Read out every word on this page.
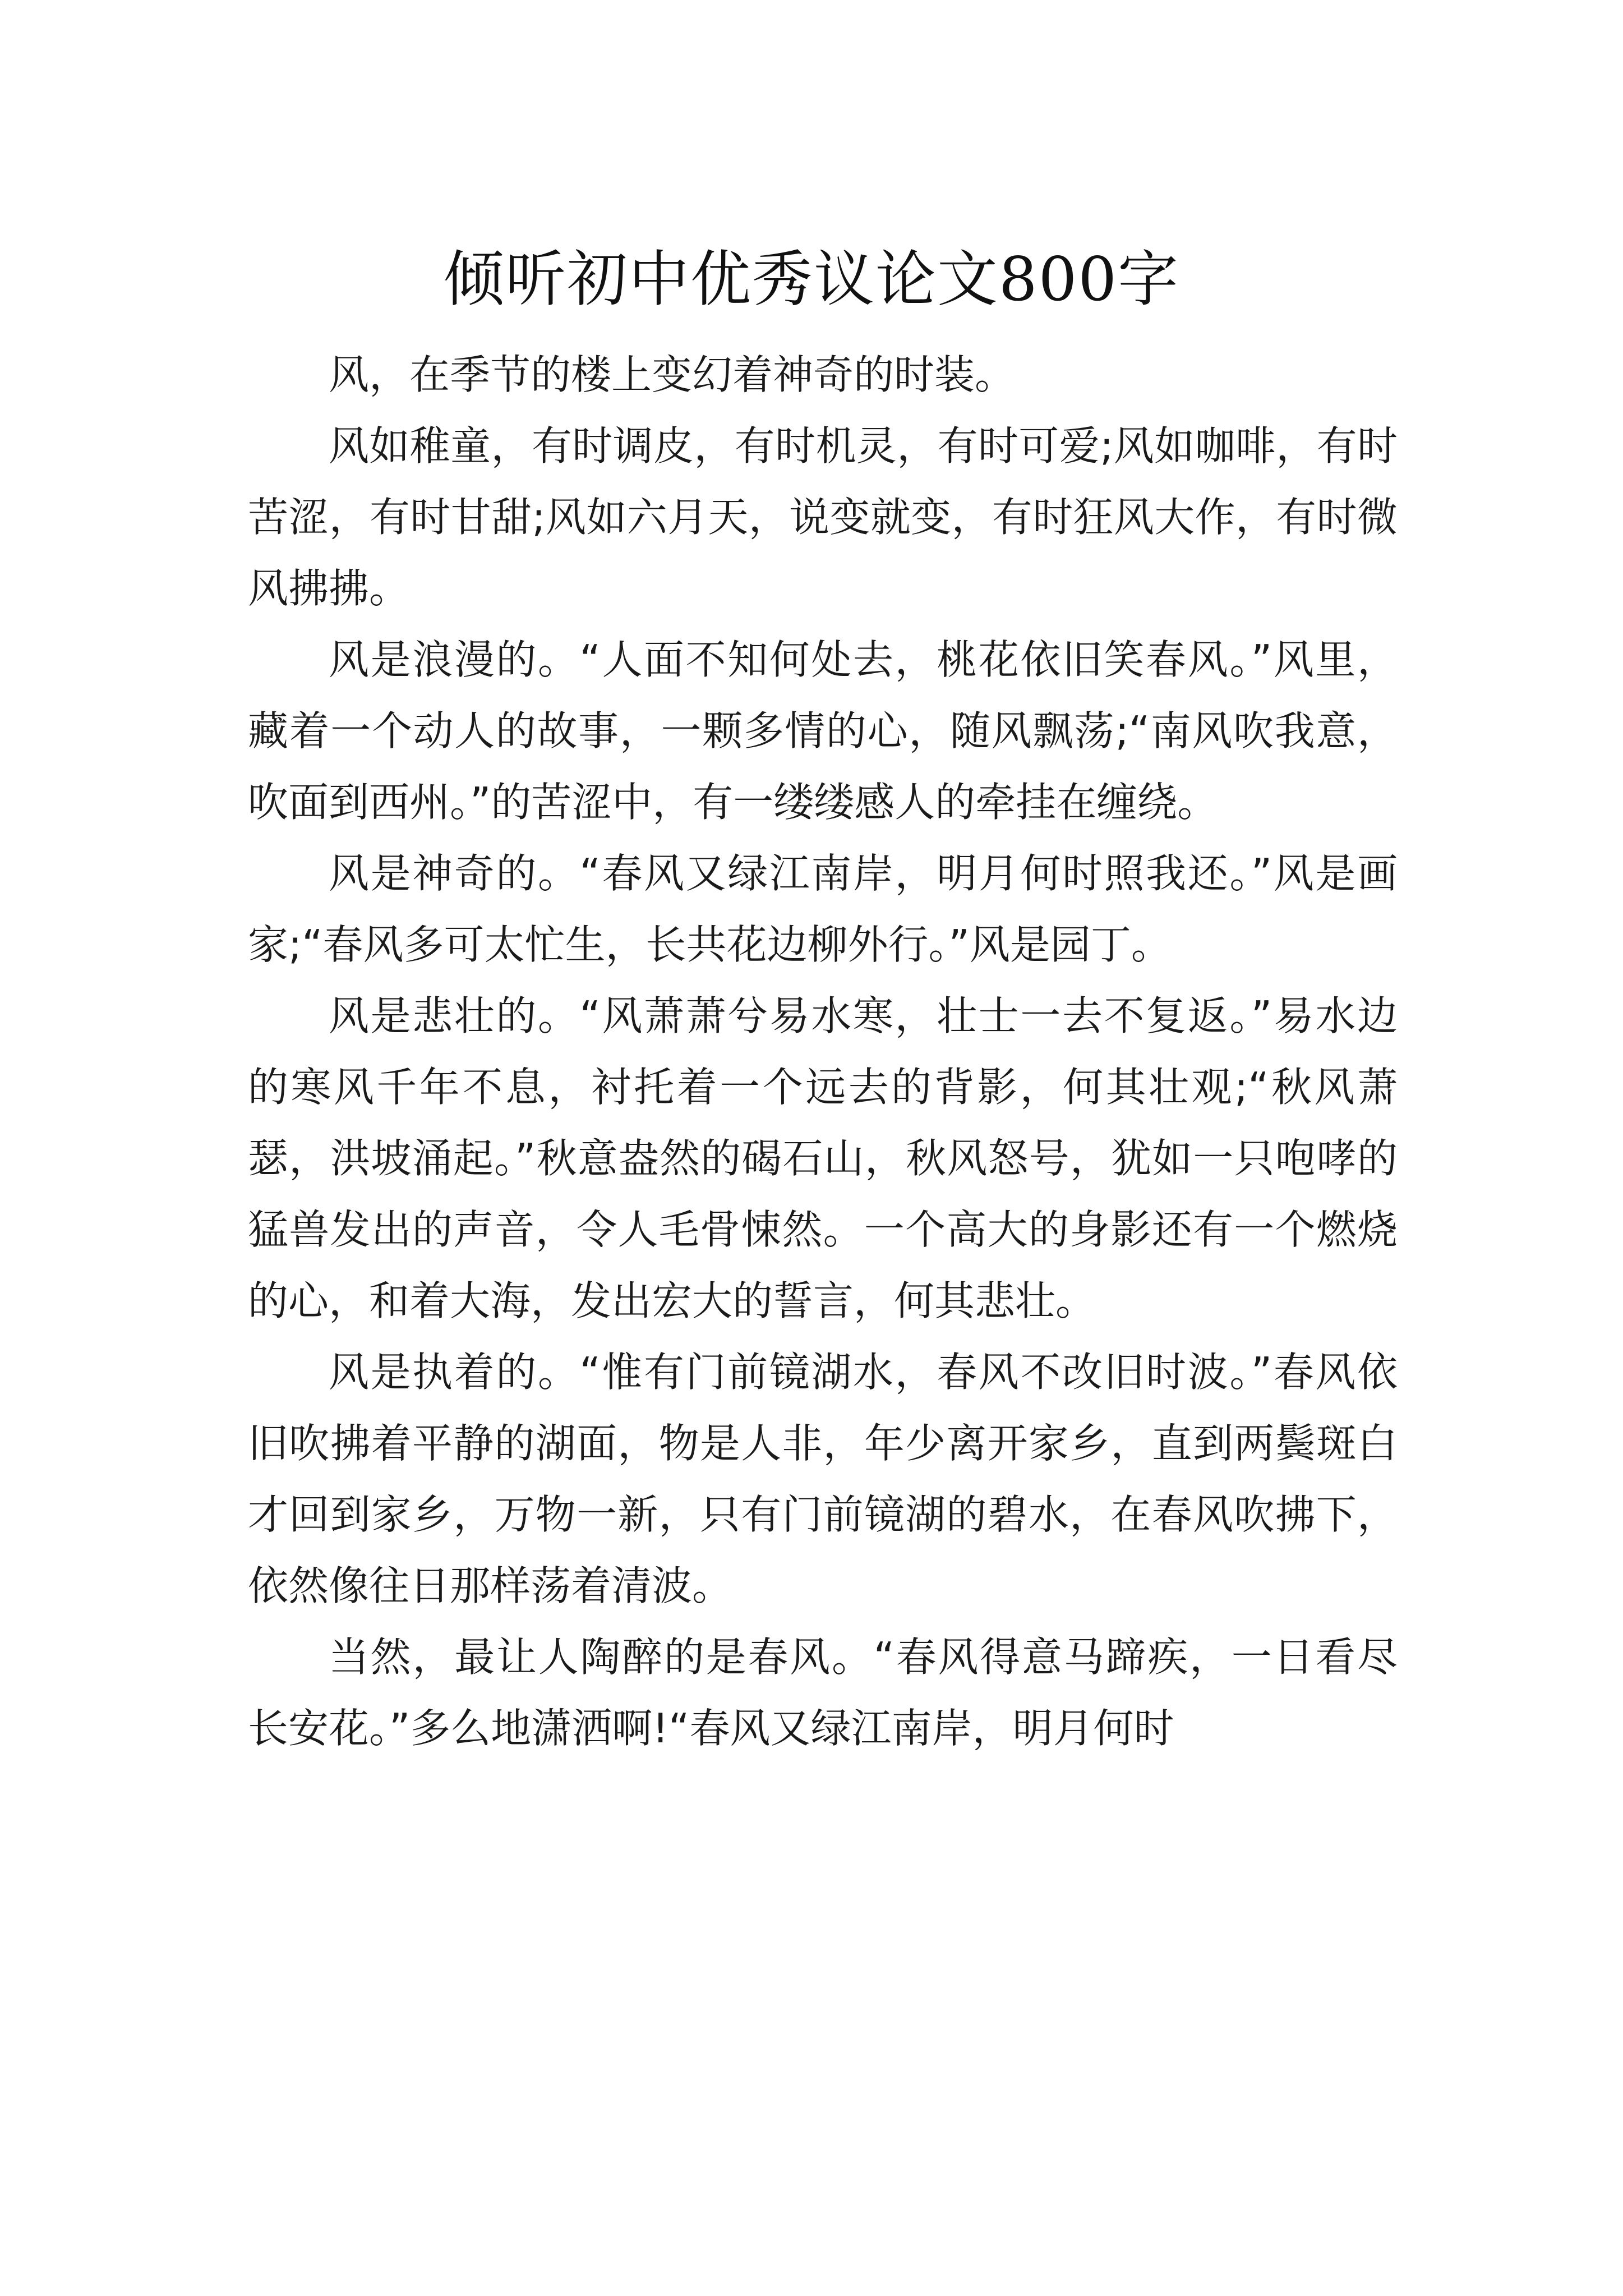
倾听初中优秀议论文800字

风，在季节的楼上变幻着神奇的时装。

风如稚童，有时调皮，有时机灵，有时可爱;风如咖啡，有时苦涩，有时甘甜;风如六月天，说变就变，有时狂风大作，有时微风拂拂。

风是浪漫的。“人面不知何处去，桃花依旧笑春风。”风里，藏着一个动人的故事，一颗多情的心，随风飘荡;“南风吹我意，吹面到西州。”的苦涩中，有一缕缕感人的牵挂在缠绕。

风是神奇的。“春风又绿江南岸，明月何时照我还。”风是画家;“春风多可太忙生，长共花边柳外行。”风是园丁。

风是悲壮的。“风萧萧兮易水寒，壮士一去不复返。”易水边的寒风千年不息，衬托着一个远去的背影，何其壮观;“秋风萧瑟，洪坡涌起。”秋意盎然的碣石山，秋风怒号，犹如一只咆哮的猛兽发出的声音，令人毛骨悚然。一个高大的身影还有一个燃烧的心，和着大海，发出宏大的誓言，何其悲壮。

风是执着的。“惟有门前镜湖水，春风不改旧时波。”春风依旧吹拂着平静的湖面，物是人非，年少离开家乡，直到两鬓斑白才回到家乡，万物一新，只有门前镜湖的碧水，在春风吹拂下，依然像往日那样荡着清波。

当然，最让人陶醉的是春风。“春风得意马蹄疾，一日看尽长安花。”多么地潇洒啊!“春风又绿江南岸，明月何时
